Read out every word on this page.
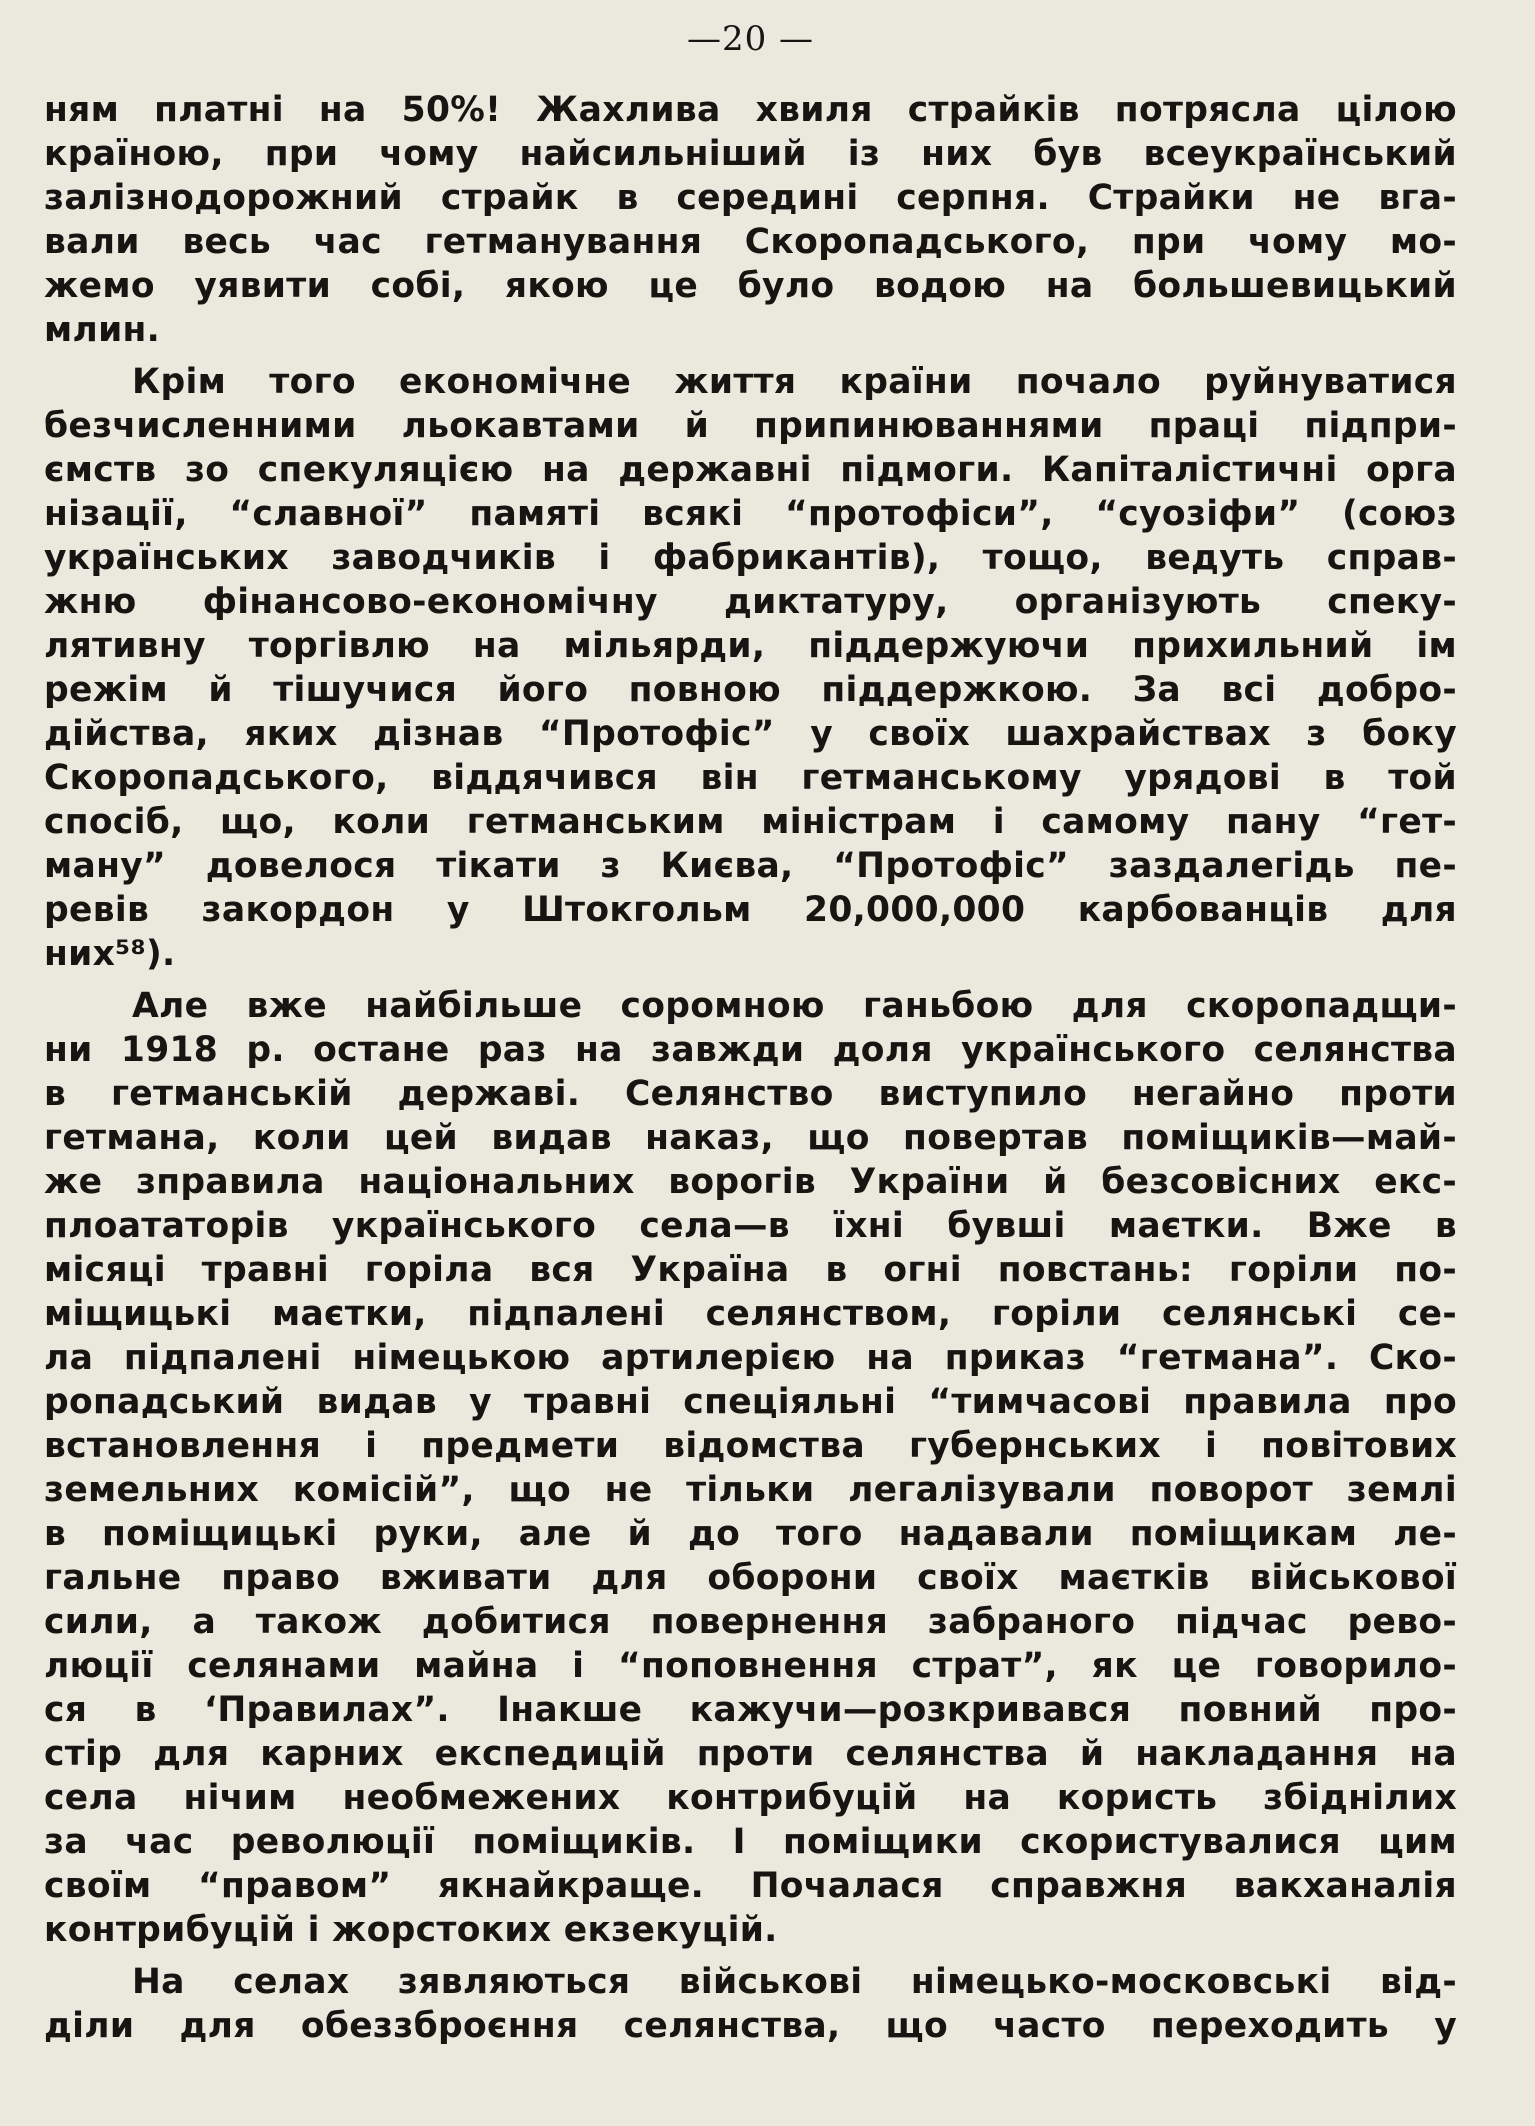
—20 —
ням платні на 50%! Жахлива хвиля страйків потрясла цілою
країною, при чому найсильніший із них був всеукраїнський
залізнодорожний страйк в середині серпня. Страйки не вга-
вали весь час гетманування Скоропадського, при чому мо-
жемо уявити собі, якою це було водою на большевицький
млин.
Крім того економічне життя країни почало руйнуватися
безчисленними льокавтами й припинюваннями праці підпри-
ємств зо спекуляцією на державні підмоги. Капіталістичні орга
нізації, “славної” памяті всякі “протофіси”, “суозіфи” (союз
українських заводчиків і фабрикантів), тощо, ведуть справ-
жню фінансово-економічну диктатуру, організують спеку-
лятивну торгівлю на мільярди, піддержуючи прихильний ім
режім й тішучися його повною піддержкою. За всі добро-
дійства, яких дізнав “Протофіс” у своїх шахрайствах з боку
Скоропадського, віддячився він гетманському урядові в той
спосіб, що, коли гетманським міністрам і самому пану “гет-
ману” довелося тікати з Києва, “Протофіс” заздалегідь пе-
ревів закордон у Штокгольм 20,000,000 карбованців для
них⁵⁸).
Але вже найбільше соромною ганьбою для скоропадщи-
ни 1918 р. остане раз на завжди доля українського селянства
в гетманській державі. Селянство виступило негайно проти
гетмана, коли цей видав наказ, що повертав поміщиків—май-
же зправила національних ворогів України й безсовісних екс-
плоататорів українського села—в їхні бувші маєтки. Вже в
місяці травні горіла вся Україна в огні повстань: горіли по-
міщицькі маєтки, підпалені селянством, горіли селянські се-
ла підпалені німецькою артилерією на приказ “гетмана”. Ско-
ропадський видав у травні спеціяльні “тимчасові правила про
встановлення і предмети відомства губернських і повітових
земельних комісій”, що не тільки легалізували поворот землі
в поміщицькі руки, але й до того надавали поміщикам ле-
гальне право вживати для оборони своїх маєтків військової
сили, а також добитися повернення забраного підчас рево-
люції селянами майна і “поповнення страт”, як це говорило-
ся в ‘Правилах”. Інакше кажучи—розкривався повний про-
стір для карних експедицій проти селянства й накладання на
села нічим необмежених контрибуцій на користь збіднілих
за час революції поміщиків. І поміщики скористувалися цим
своїм “правом” якнайкраще. Почалася справжня вакханалія
контрибуцій і жорстоких екзекуцій.
На селах зявляються військові німецько-московські від-
діли для обеззброєння селянства, що часто переходить у
